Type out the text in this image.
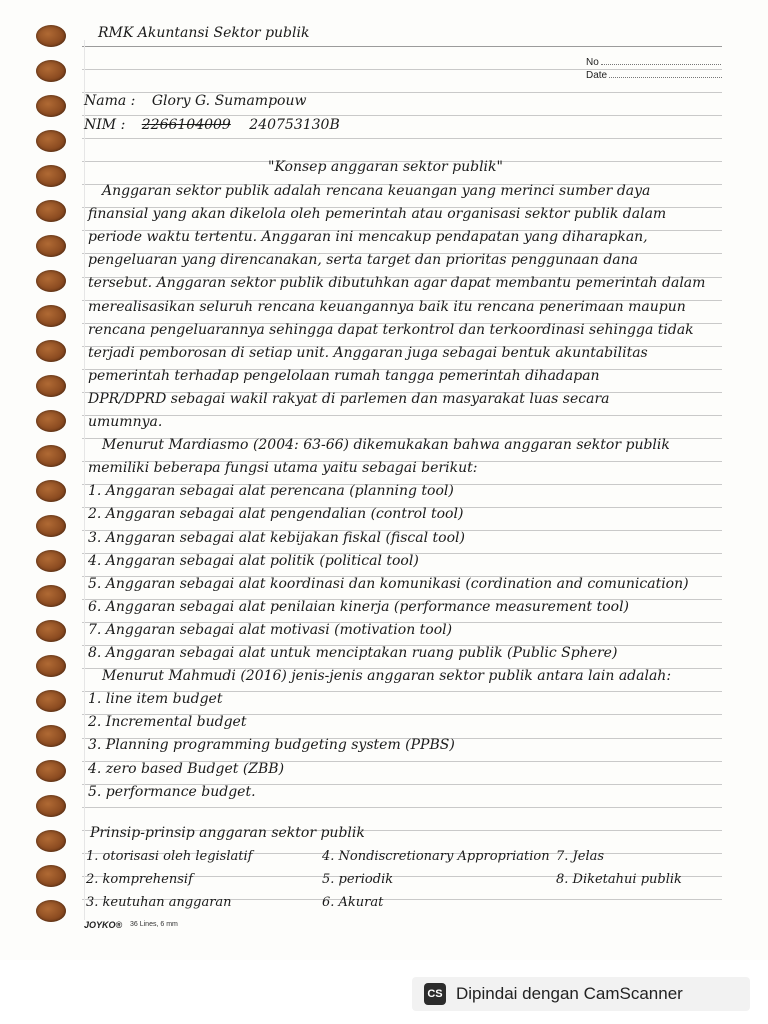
RMK Akuntansi Sektor publik
No
Date
Nama : Glory G. Sumampouw
NIM : 2266104009 240753130B
"Konsep anggaran sektor publik"
Anggaran sektor publik adalah rencana keuangan yang merinci sumber daya
finansial yang akan dikelola oleh pemerintah atau organisasi sektor publik dalam
periode waktu tertentu. Anggaran ini mencakup pendapatan yang diharapkan,
pengeluaran yang direncanakan, serta target dan prioritas penggunaan dana
tersebut. Anggaran sektor publik dibutuhkan agar dapat membantu pemerintah dalam
merealisasikan seluruh rencana keuangannya baik itu rencana penerimaan maupun
rencana pengeluarannya sehingga dapat terkontrol dan terkoordinasi sehingga tidak
terjadi pemborosan di setiap unit. Anggaran juga sebagai bentuk akuntabilitas
pemerintah terhadap pengelolaan rumah tangga pemerintah dihadapan
DPR/DPRD sebagai wakil rakyat di parlemen dan masyarakat luas secara
umumnya.
Menurut Mardiasmo (2004: 63-66) dikemukakan bahwa anggaran sektor publik
memiliki beberapa fungsi utama yaitu sebagai berikut:
1. Anggaran sebagai alat perencana (planning tool)
2. Anggaran sebagai alat pengendalian (control tool)
3. Anggaran sebagai alat kebijakan fiskal (fiscal tool)
4. Anggaran sebagai alat politik (political tool)
5. Anggaran sebagai alat koordinasi dan komunikasi (cordination and comunication)
6. Anggaran sebagai alat penilaian kinerja (performance measurement tool)
7. Anggaran sebagai alat motivasi (motivation tool)
8. Anggaran sebagai alat untuk menciptakan ruang publik (Public Sphere)
Menurut Mahmudi (2016) jenis-jenis anggaran sektor publik antara lain adalah:
1. line item budget
2. Incremental budget
3. Planning programming budgeting system (PPBS)
4. zero based Budget (ZBB)
5. performance budget.
Prinsip-prinsip anggaran sektor publik
1. otorisasi oleh legislatif
2. komprehensif
3. keutuhan anggaran
4. Nondiscretionary Appropriation
5. periodik
6. Akurat
7. Jelas
8. Diketahui publik
JOYKO® 36 Lines, 6 mm
CS Dipindai dengan CamScanner
